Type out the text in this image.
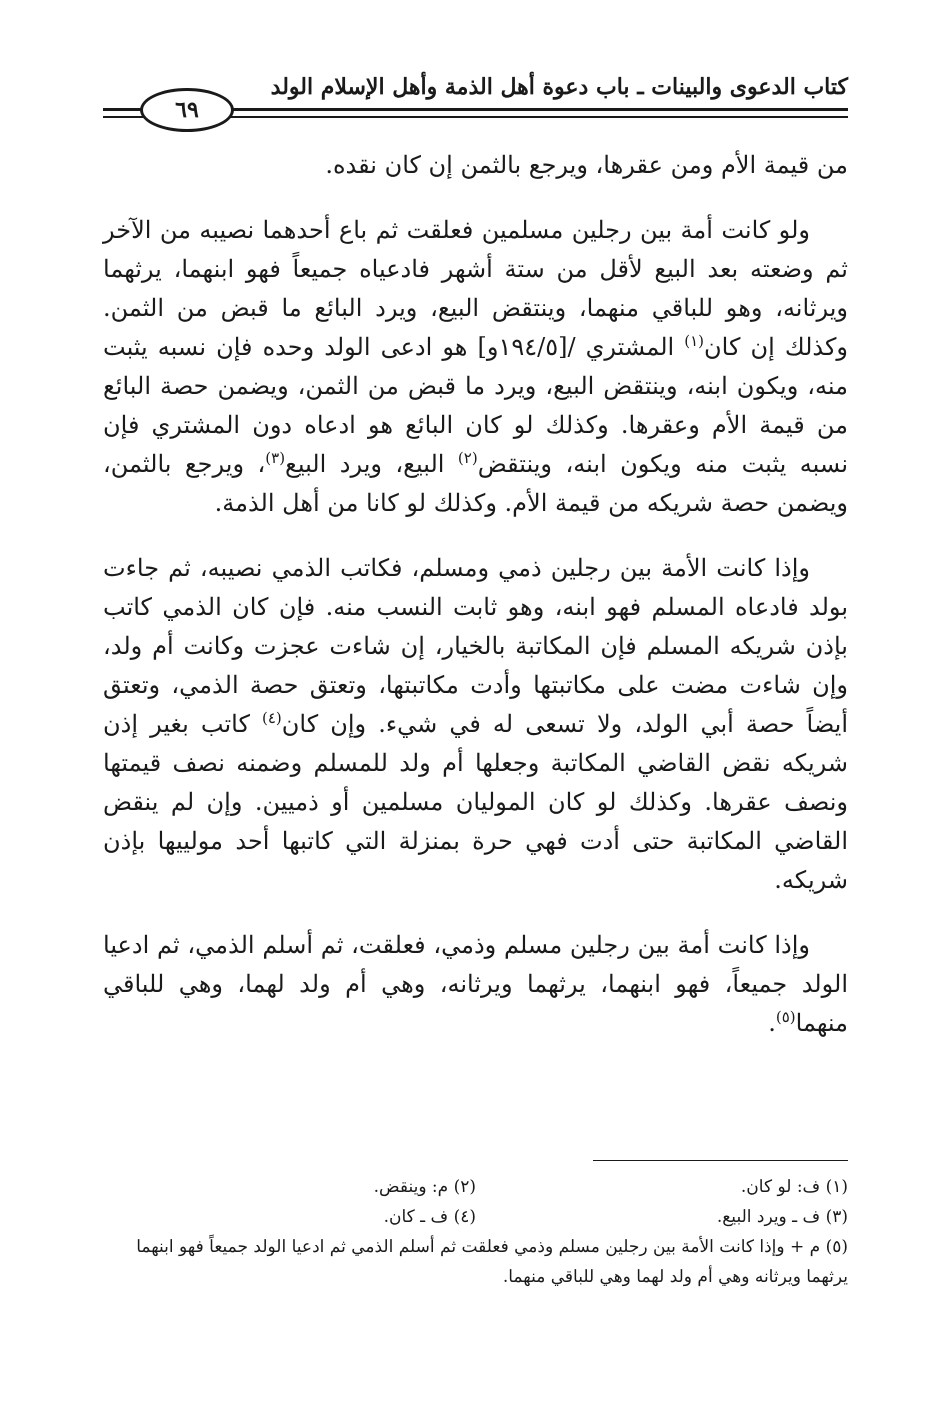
كتاب الدعوى والبينات ـ باب دعوة أهل الذمة وأهل الإسلام الولد
٦٩

من قيمة الأم ومن عقرها، ويرجع بالثمن إن كان نقده.

ولو كانت أمة بين رجلين مسلمين فعلقت ثم باع أحدهما نصيبه من الآخر ثم وضعته بعد البيع لأقل من ستة أشهر فادعياه جميعاً فهو ابنهما، يرثهما ويرثانه، وهو للباقي منهما، وينتقض البيع، ويرد البائع ما قبض من الثمن. وكذلك إن كان$^{(١)}$ المشتري /[١٩٤/٥و] هو ادعى الولد وحده فإن نسبه يثبت منه، ويكون ابنه، وينتقض البيع، ويرد ما قبض من الثمن، ويضمن حصة البائع من قيمة الأم وعقرها. وكذلك لو كان البائع هو ادعاه دون المشتري فإن نسبه يثبت منه ويكون ابنه، وينتقض$^{(٢)}$ البيع، ويرد البيع$^{(٣)}$، ويرجع بالثمن، ويضمن حصة شريكه من قيمة الأم. وكذلك لو كانا من أهل الذمة.

وإذا كانت الأمة بين رجلين ذمي ومسلم، فكاتب الذمي نصيبه، ثم جاءت بولد فادعاه المسلم فهو ابنه، وهو ثابت النسب منه. فإن كان الذمي كاتب بإذن شريكه المسلم فإن المكاتبة بالخيار، إن شاءت عجزت وكانت أم ولد، وإن شاءت مضت على مكاتبتها وأدت مكاتبتها، وتعتق حصة الذمي، وتعتق أيضاً حصة أبي الولد، ولا تسعى له في شيء. وإن كان$^{(٤)}$ كاتب بغير إذن شريكه نقض القاضي المكاتبة وجعلها أم ولد للمسلم وضمنه نصف قيمتها ونصف عقرها. وكذلك لو كان المولیان مسلمين أو ذميين. وإن لم ينقض القاضي المكاتبة حتى أدت فهي حرة بمنزلة التي كاتبها أحد موليیها بإذن شريكه.

وإذا كانت أمة بين رجلين مسلم وذمي، فعلقت، ثم أسلم الذمي، ثم ادعيا الولد جميعاً، فهو ابنهما، يرثهما ويرثانه، وهي أم ولد لهما، وهي للباقي منهما$^{(٥)}$.

(١) ف: لو كان.
(٢) م: وينقض.
(٣) ف ـ ويرد البيع.
(٤) ف ـ كان.
(٥) م + وإذا كانت الأمة بين رجلين مسلم وذمي فعلقت ثم أسلم الذمي ثم ادعيا الولد جميعاً فهو ابنهما يرثهما ويرثانه وهي أم ولد لهما وهي للباقي منهما.
